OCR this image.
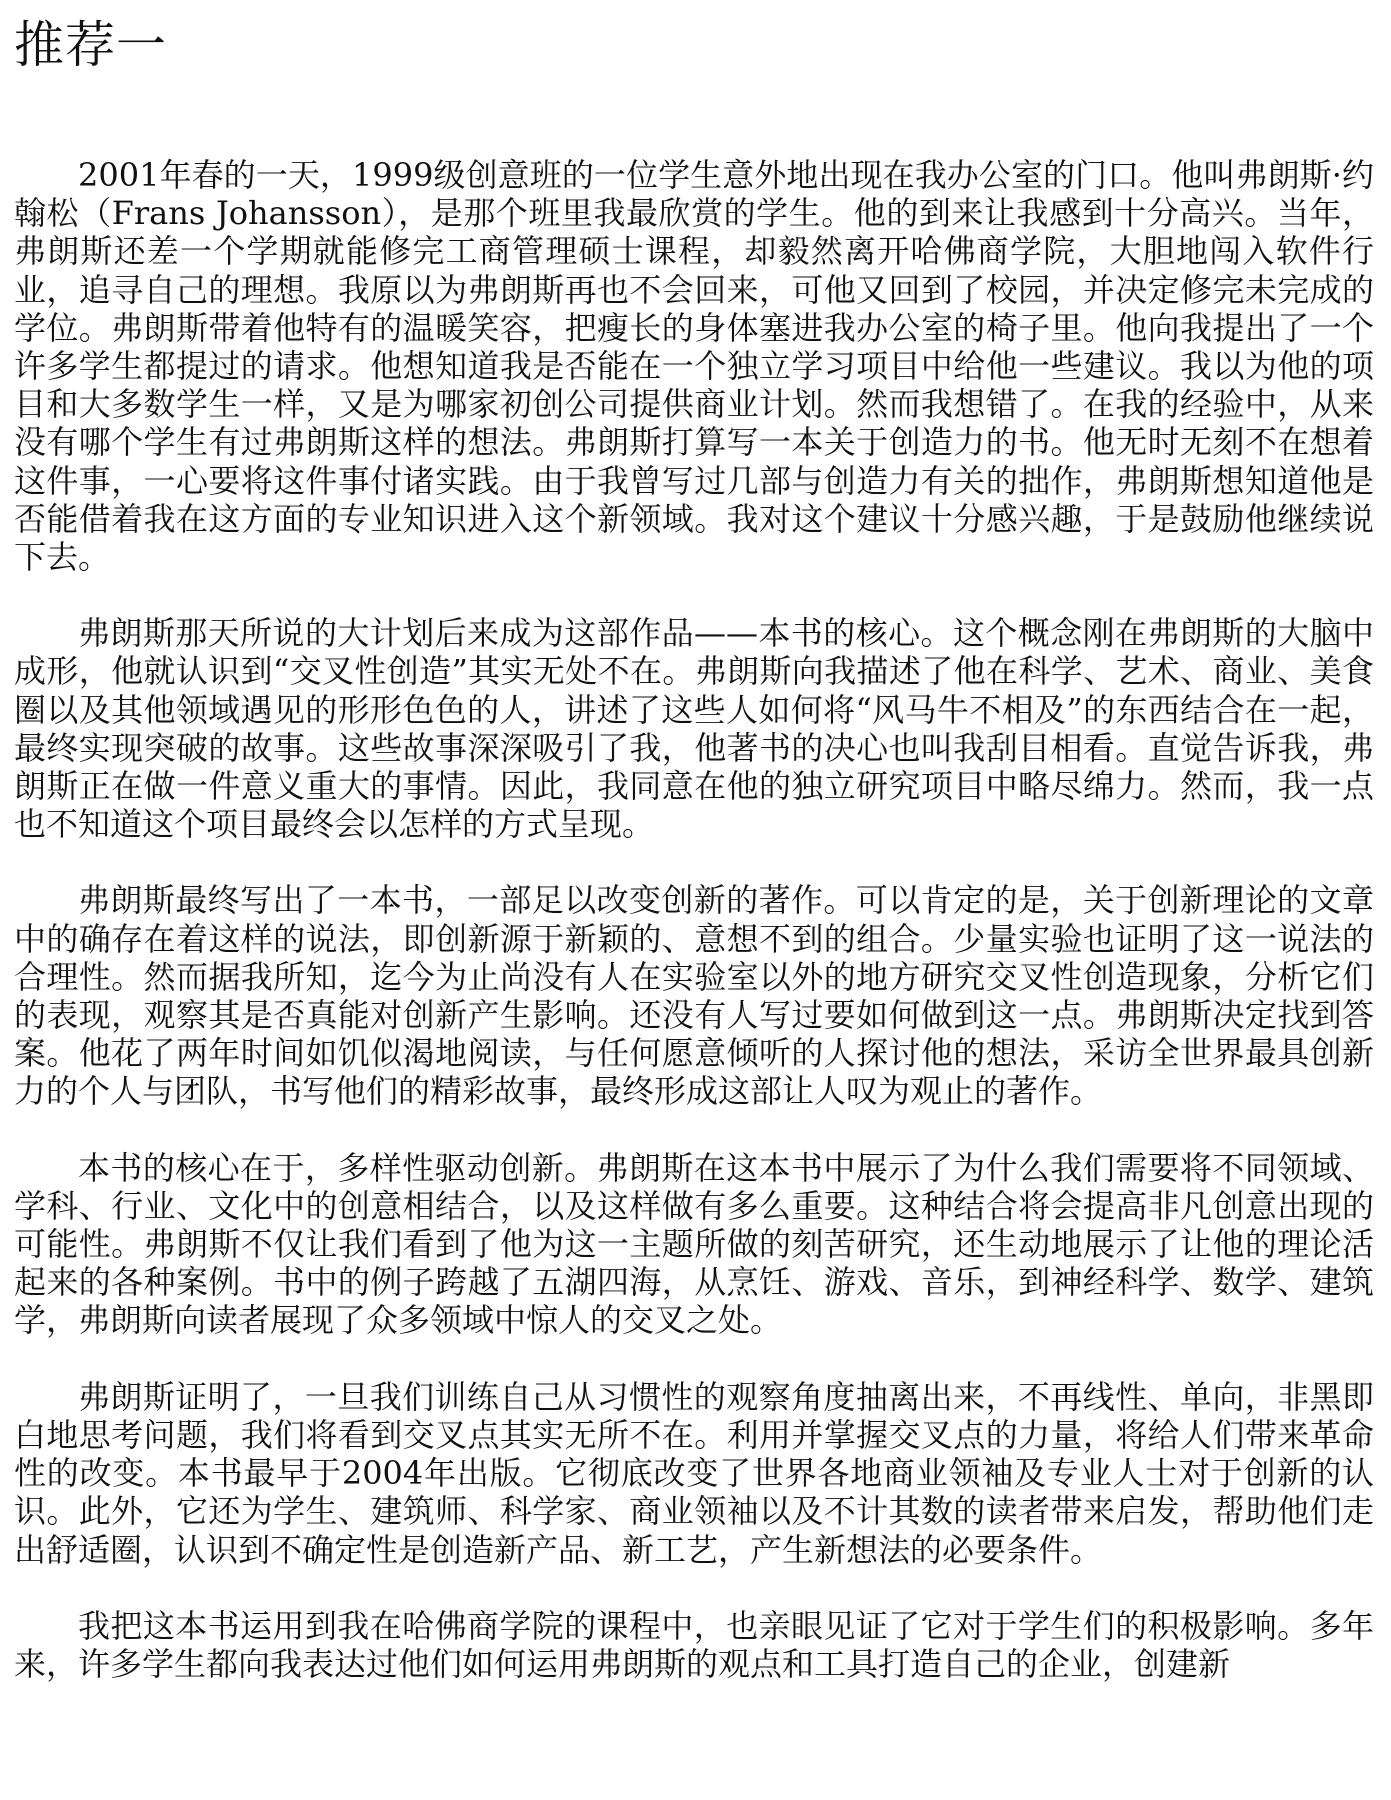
推荐一

2001年春的一天，1999级创意班的一位学生意外地出现在我办公室的门口。他叫弗朗斯·约翰松（Frans Johansson），是那个班里我最欣赏的学生。他的到来让我感到十分高兴。当年，弗朗斯还差一个学期就能修完工商管理硕士课程，却毅然离开哈佛商学院，大胆地闯入软件行业，追寻自己的理想。我原以为弗朗斯再也不会回来，可他又回到了校园，并决定修完未完成的学位。弗朗斯带着他特有的温暖笑容，把瘦长的身体塞进我办公室的椅子里。他向我提出了一个许多学生都提过的请求。他想知道我是否能在一个独立学习项目中给他一些建议。我以为他的项目和大多数学生一样，又是为哪家初创公司提供商业计划。然而我想错了。在我的经验中，从来没有哪个学生有过弗朗斯这样的想法。弗朗斯打算写一本关于创造力的书。他无时无刻不在想着这件事，一心要将这件事付诸实践。由于我曾写过几部与创造力有关的拙作，弗朗斯想知道他是否能借着我在这方面的专业知识进入这个新领域。我对这个建议十分感兴趣，于是鼓励他继续说下去。

弗朗斯那天所说的大计划后来成为这部作品——本书的核心。这个概念刚在弗朗斯的大脑中成形，他就认识到“交叉性创造”其实无处不在。弗朗斯向我描述了他在科学、艺术、商业、美食圈以及其他领域遇见的形形色色的人，讲述了这些人如何将“风马牛不相及”的东西结合在一起，最终实现突破的故事。这些故事深深吸引了我，他著书的决心也叫我刮目相看。直觉告诉我，弗朗斯正在做一件意义重大的事情。因此，我同意在他的独立研究项目中略尽绵力。然而，我一点也不知道这个项目最终会以怎样的方式呈现。

弗朗斯最终写出了一本书，一部足以改变创新的著作。可以肯定的是，关于创新理论的文章中的确存在着这样的说法，即创新源于新颖的、意想不到的组合。少量实验也证明了这一说法的合理性。然而据我所知，迄今为止尚没有人在实验室以外的地方研究交叉性创造现象，分析它们的表现，观察其是否真能对创新产生影响。还没有人写过要如何做到这一点。弗朗斯决定找到答案。他花了两年时间如饥似渴地阅读，与任何愿意倾听的人探讨他的想法，采访全世界最具创新力的个人与团队，书写他们的精彩故事，最终形成这部让人叹为观止的著作。

本书的核心在于，多样性驱动创新。弗朗斯在这本书中展示了为什么我们需要将不同领域、学科、行业、文化中的创意相结合，以及这样做有多么重要。这种结合将会提高非凡创意出现的可能性。弗朗斯不仅让我们看到了他为这一主题所做的刻苦研究，还生动地展示了让他的理论活起来的各种案例。书中的例子跨越了五湖四海，从烹饪、游戏、音乐，到神经科学、数学、建筑学，弗朗斯向读者展现了众多领域中惊人的交叉之处。

弗朗斯证明了，一旦我们训练自己从习惯性的观察角度抽离出来，不再线性、单向，非黑即白地思考问题，我们将看到交叉点其实无所不在。利用并掌握交叉点的力量，将给人们带来革命性的改变。本书最早于2004年出版。它彻底改变了世界各地商业领袖及专业人士对于创新的认识。此外，它还为学生、建筑师、科学家、商业领袖以及不计其数的读者带来启发，帮助他们走出舒适圈，认识到不确定性是创造新产品、新工艺，产生新想法的必要条件。

我把这本书运用到我在哈佛商学院的课程中，也亲眼见证了它对于学生们的积极影响。多年来，许多学生都向我表达过他们如何运用弗朗斯的观点和工具打造自己的企业，创建新
